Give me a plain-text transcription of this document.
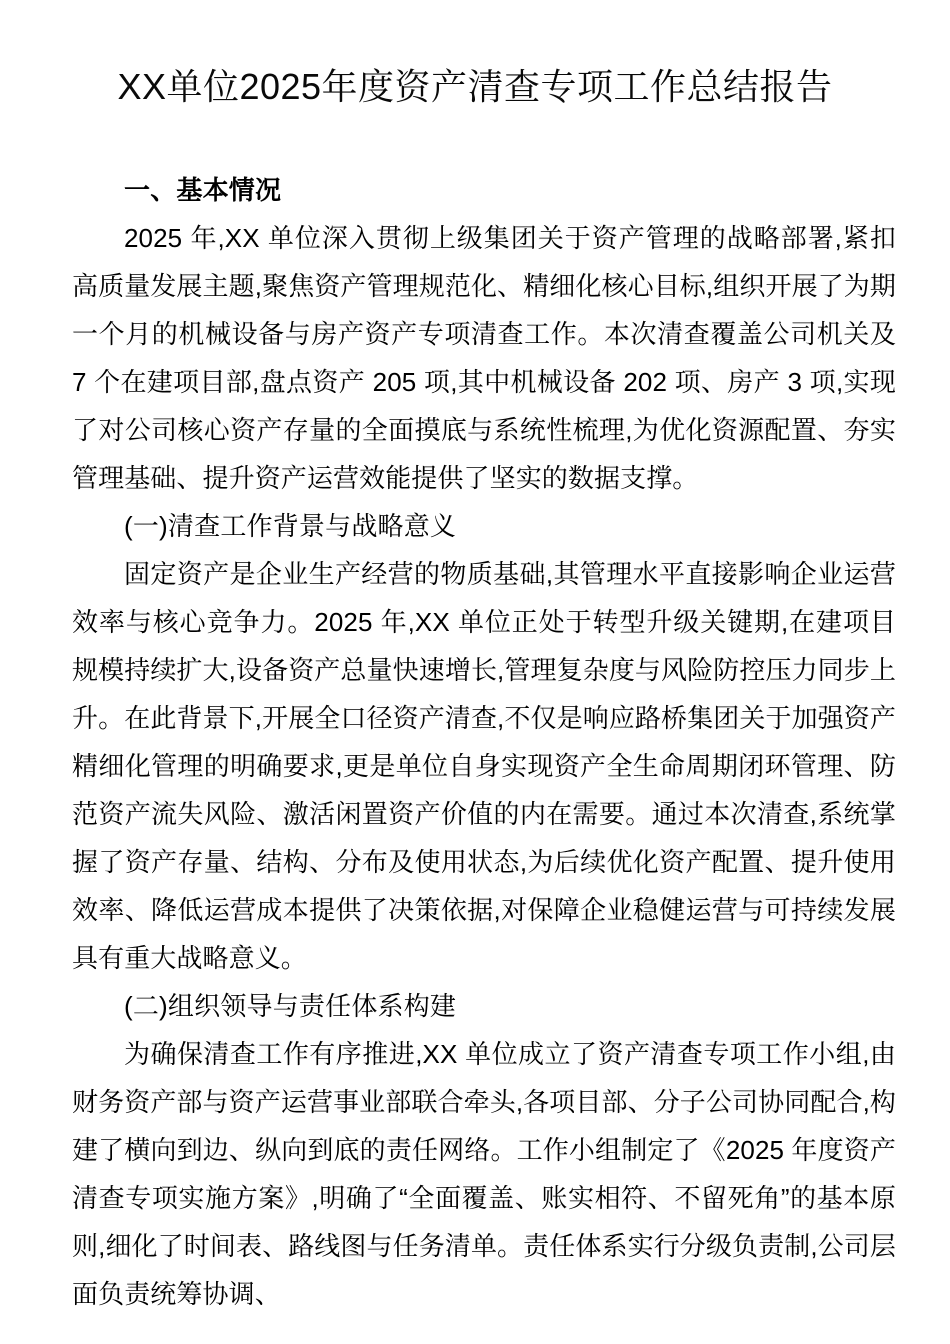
XX单位2025年度资产清查专项工作总结报告

一、基本情况

2025 年,XX 单位深入贯彻上级集团关于资产管理的战略部署,紧扣高质量发展主题,聚焦资产管理规范化、精细化核心目标,组织开展了为期一个月的机械设备与房产资产专项清查工作。本次清查覆盖公司机关及 7 个在建项目部,盘点资产 205 项,其中机械设备 202 项、房产 3 项,实现了对公司核心资产存量的全面摸底与系统性梳理,为优化资源配置、夯实管理基础、提升资产运营效能提供了坚实的数据支撑。

(一)清查工作背景与战略意义

固定资产是企业生产经营的物质基础,其管理水平直接影响企业运营效率与核心竞争力。2025 年,XX 单位正处于转型升级关键期,在建项目规模持续扩大,设备资产总量快速增长,管理复杂度与风险防控压力同步上升。在此背景下,开展全口径资产清查,不仅是响应路桥集团关于加强资产精细化管理的明确要求,更是单位自身实现资产全生命周期闭环管理、防范资产流失风险、激活闲置资产价值的内在需要。通过本次清查,系统掌握了资产存量、结构、分布及使用状态,为后续优化资产配置、提升使用效率、降低运营成本提供了决策依据,对保障企业稳健运营与可持续发展具有重大战略意义。

(二)组织领导与责任体系构建

为确保清查工作有序推进,XX 单位成立了资产清查专项工作小组,由财务资产部与资产运营事业部联合牵头,各项目部、分子公司协同配合,构建了横向到边、纵向到底的责任网络。工作小组制定了《2025 年度资产清查专项实施方案》,明确了“全面覆盖、账实相符、不留死角”的基本原则,细化了时间表、路线图与任务清单。责任体系实行分级负责制,公司层面负责统筹协调、
